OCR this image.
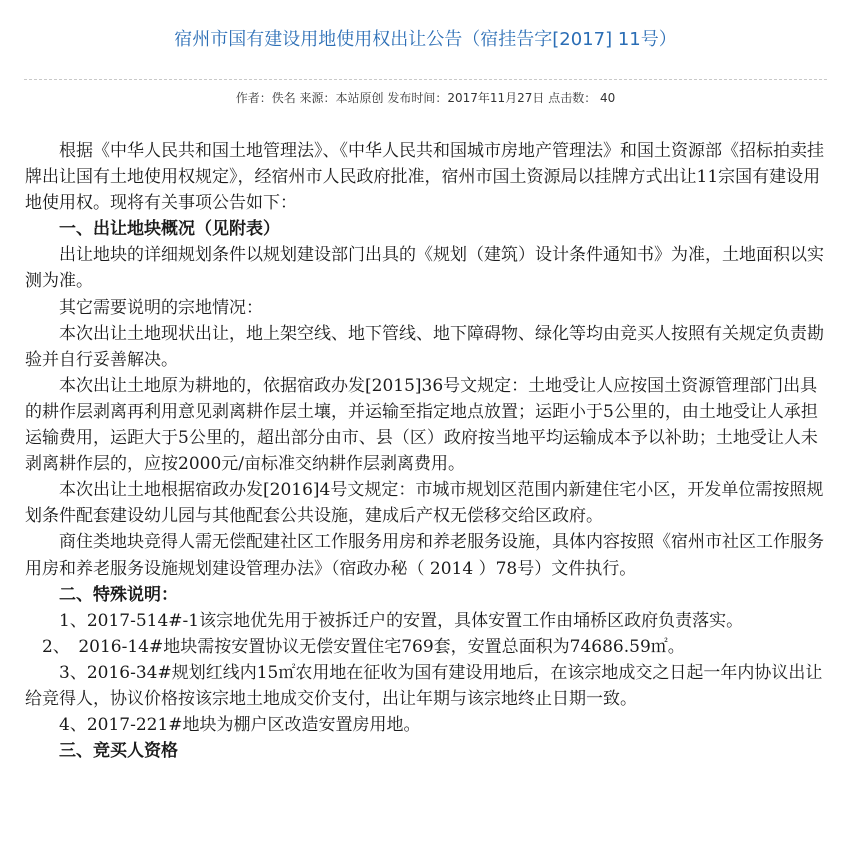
宿州市国有建设用地使用权出让公告（宿挂告字[2017] 11号）
作者：佚名 来源：本站原创 发布时间：2017年11月27日 点击数： 40

　　根据《中华人民共和国土地管理法》、《中华人民共和国城市房地产管理法》和国土资源部《招标拍卖挂牌出让国有土地使用权规定》，经宿州市人民政府批准，宿州市国土资源局以挂牌方式出让11宗国有建设用地使用权。现将有关事项公告如下：

　　一、出让地块概况（见附表）

　　出让地块的详细规划条件以规划建设部门出具的《规划（建筑）设计条件通知书》为准，土地面积以实测为准。

　　其它需要说明的宗地情况：

　　本次出让土地现状出让，地上架空线、地下管线、地下障碍物、绿化等均由竞买人按照有关规定负责勘验并自行妥善解决。

　　本次出让土地原为耕地的，依据宿政办发[2015]36号文规定：土地受让人应按国土资源管理部门出具的耕作层剥离再利用意见剥离耕作层土壤，并运输至指定地点放置；运距小于5公里的，由土地受让人承担运输费用，运距大于5公里的，超出部分由市、县（区）政府按当地平均运输成本予以补助；土地受让人未剥离耕作层的，应按2000元/亩标准交纳耕作层剥离费用。

　　本次出让土地根据宿政办发[2016]4号文规定：市城市规划区范围内新建住宅小区，开发单位需按照规划条件配套建设幼儿园与其他配套公共设施，建成后产权无偿移交给区政府。

　　商住类地块竞得人需无偿配建社区工作服务用房和养老服务设施，具体内容按照《宿州市社区工作服务用房和养老服务设施规划建设管理办法》（宿政办秘（ 2014 ）78号）文件执行。

　　二、特殊说明：

　　1、2017-514#-1该宗地优先用于被拆迁户的安置，具体安置工作由埇桥区政府负责落实。

　2、　2016-14#地块需按安置协议无偿安置住宅769套，安置总面积为74686.59㎡。

　　3、2016-34#规划红线内15㎡农用地在征收为国有建设用地后，在该宗地成交之日起一年内协议出让给竞得人，协议价格按该宗地土地成交价支付，出让年期与该宗地终止日期一致。

　　4、2017-221#地块为棚户区改造安置房用地。

　　三、竞买人资格
